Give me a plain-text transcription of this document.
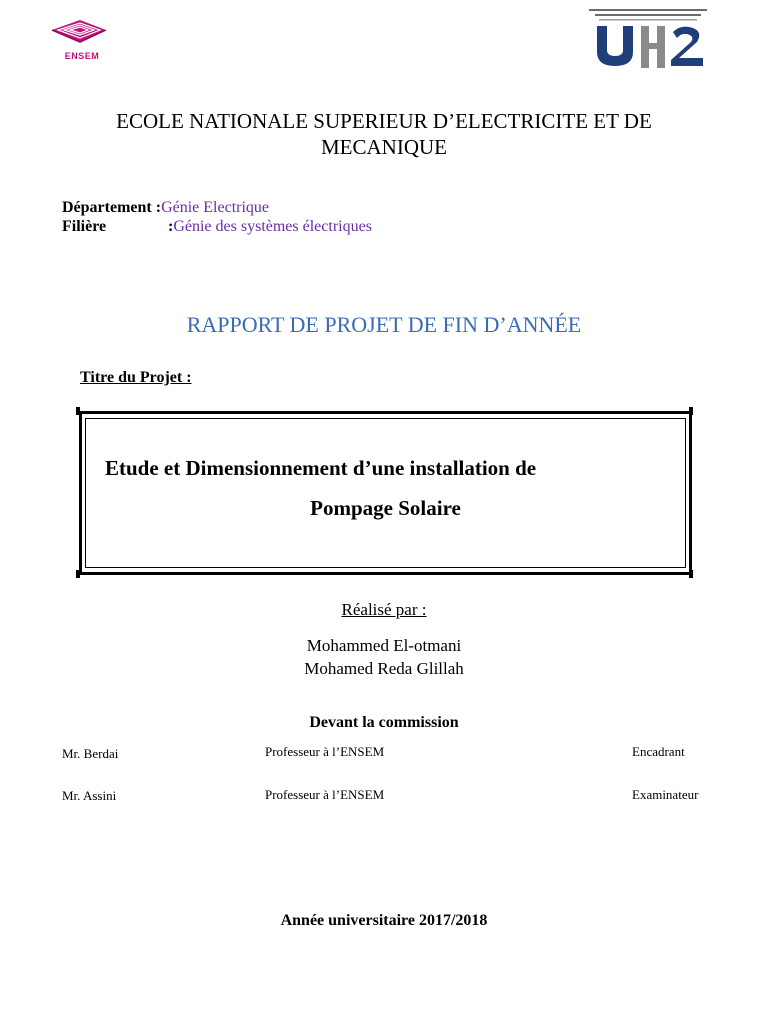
ENSEM
ECOLE NATIONALE SUPERIEUR D’ELECTRICITE ET DE
MECANIQUE
Département :Génie Electrique
Filière	:Génie des systèmes électriques
RAPPORT DE PROJET DE FIN D’ANNÉE
Titre du Projet :
Etude et Dimensionnement d’une installation de
Pompage Solaire
Réalisé par :
Mohammed El-otmani
Mohamed Reda Glillah
Devant la commission
Mr. Berdai	Professeur à l’ENSEM	Encadrant
Mr. Assini	Professeur à l’ENSEM	Examinateur
Année universitaire 2017/2018
